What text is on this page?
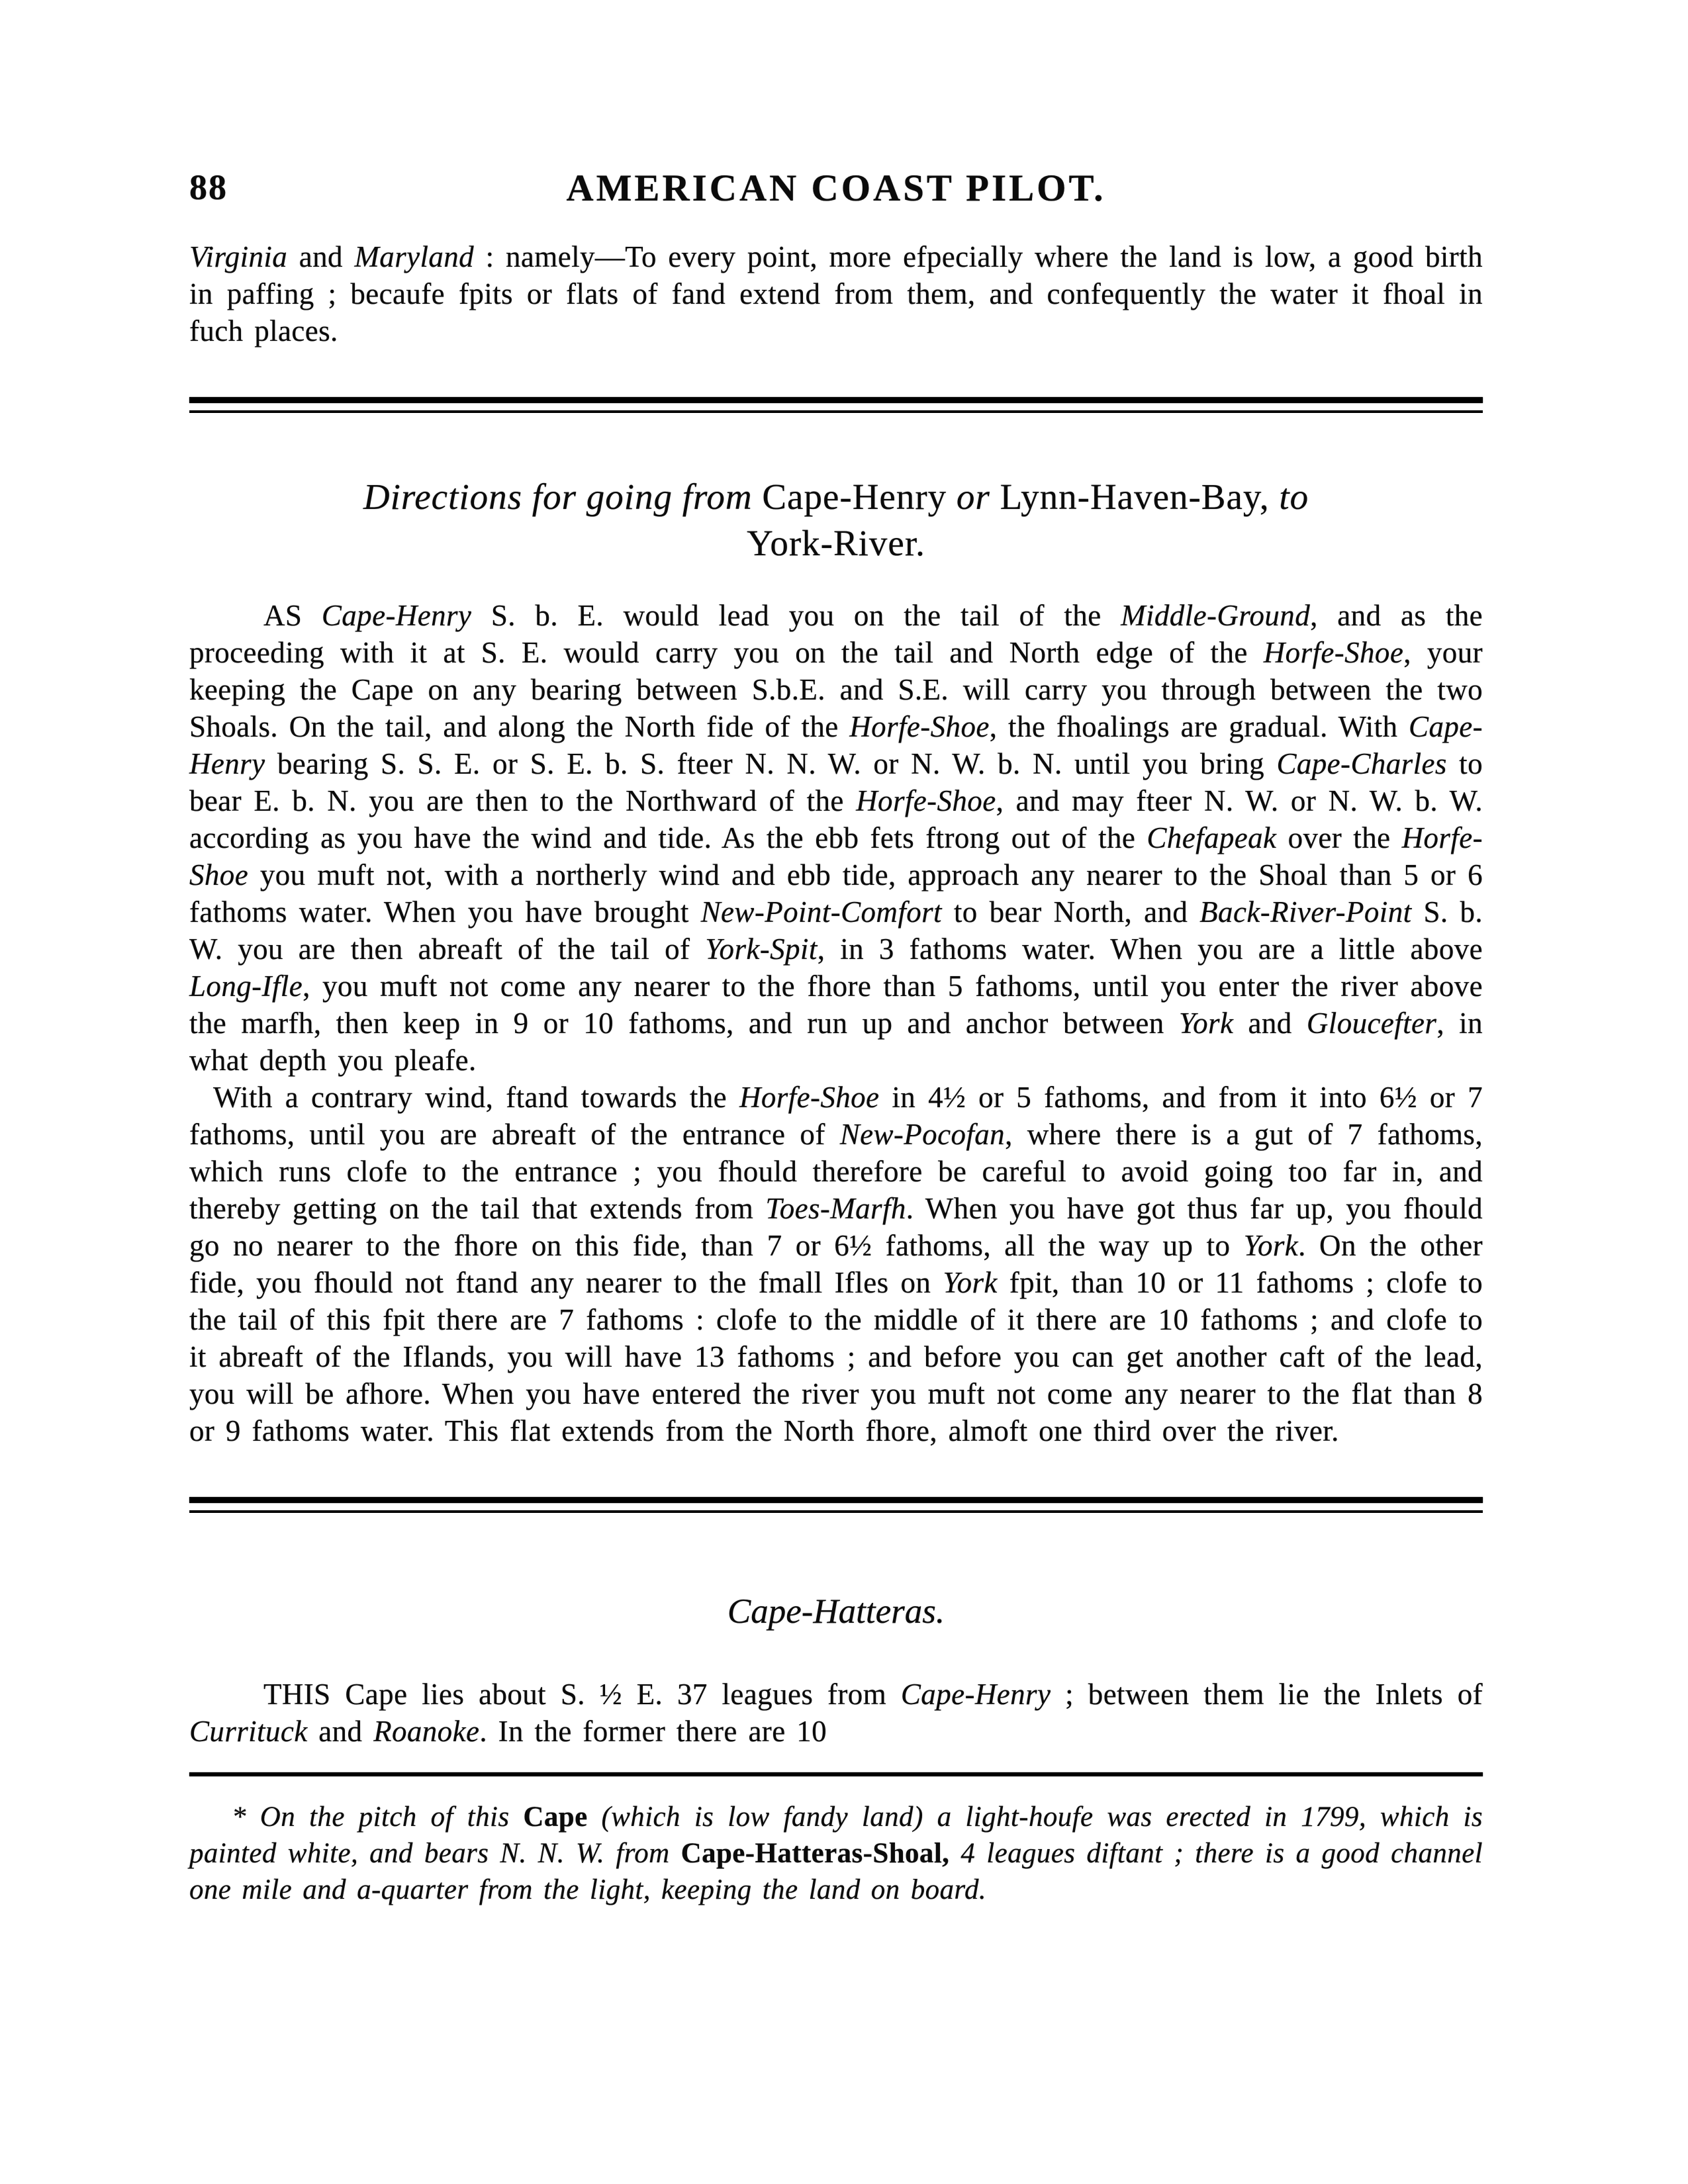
88	AMERICAN COAST PILOT.

Virginia and Maryland : namely—To every point, more efpecially where the land is low, a good birth in paffing ; becaufe fpits or flats of fand extend from them, and confequently the water it fhoal in fuch places.

Directions for going from Cape-Henry or Lynn-Haven-Bay, to
York-River.

AS Cape-Henry S. b. E. would lead you on the tail of the Middle-Ground, and as the proceeding with it at S. E. would carry you on the tail and North edge of the Horfe-Shoe, your keeping the Cape on any bearing between S.b.E. and S.E. will carry you through between the two Shoals. On the tail, and along the North fide of the Horfe-Shoe, the fhoalings are gradual. With Cape-Henry bearing S. S. E. or S. E. b. S. fteer N. N. W. or N. W. b. N. until you bring Cape-Charles to bear E. b. N. you are then to the Northward of the Horfe-Shoe, and may fteer N. W. or N. W. b. W. according as you have the wind and tide. As the ebb fets ftrong out of the Chefapeak over the Horfe-Shoe you muft not, with a northerly wind and ebb tide, approach any nearer to the Shoal than 5 or 6 fathoms water. When you have brought New-Point-Comfort to bear North, and Back-River-Point S. b. W. you are then abreaft of the tail of York-Spit, in 3 fathoms water. When you are a little above Long-Ifle, you muft not come any nearer to the fhore than 5 fathoms, until you enter the river above the marfh, then keep in 9 or 10 fathoms, and run up and anchor between York and Gloucefter, in what depth you pleafe.

With a contrary wind, ftand towards the Horfe-Shoe in 4½ or 5 fathoms, and from it into 6½ or 7 fathoms, until you are abreaft of the entrance of New-Pocofan, where there is a gut of 7 fathoms, which runs clofe to the entrance ; you fhould therefore be careful to avoid going too far in, and thereby getting on the tail that extends from Toes-Marfh. When you have got thus far up, you fhould go no nearer to the fhore on this fide, than 7 or 6½ fathoms, all the way up to York. On the other fide, you fhould not ftand any nearer to the fmall Ifles on York fpit, than 10 or 11 fathoms ; clofe to the tail of this fpit there are 7 fathoms : clofe to the middle of it there are 10 fathoms ; and clofe to it abreaft of the Iflands, you will have 13 fathoms ; and before you can get another caft of the lead, you will be afhore. When you have entered the river you muft not come any nearer to the flat than 8 or 9 fathoms water. This flat extends from the North fhore, almoft one third over the river.

Cape-Hatteras.

THIS Cape lies about S. ½ E. 37 leagues from Cape-Henry ; between them lie the Inlets of Currituck and Roanoke. In the former there are 10

* On the pitch of this Cape (which is low fandy land) a light-houfe was erected in 1799, which is painted white, and bears N. N. W. from Cape-Hatteras-Shoal, 4 leagues diftant ; there is a good channel one mile and a-quarter from the light, keeping the land on board.
